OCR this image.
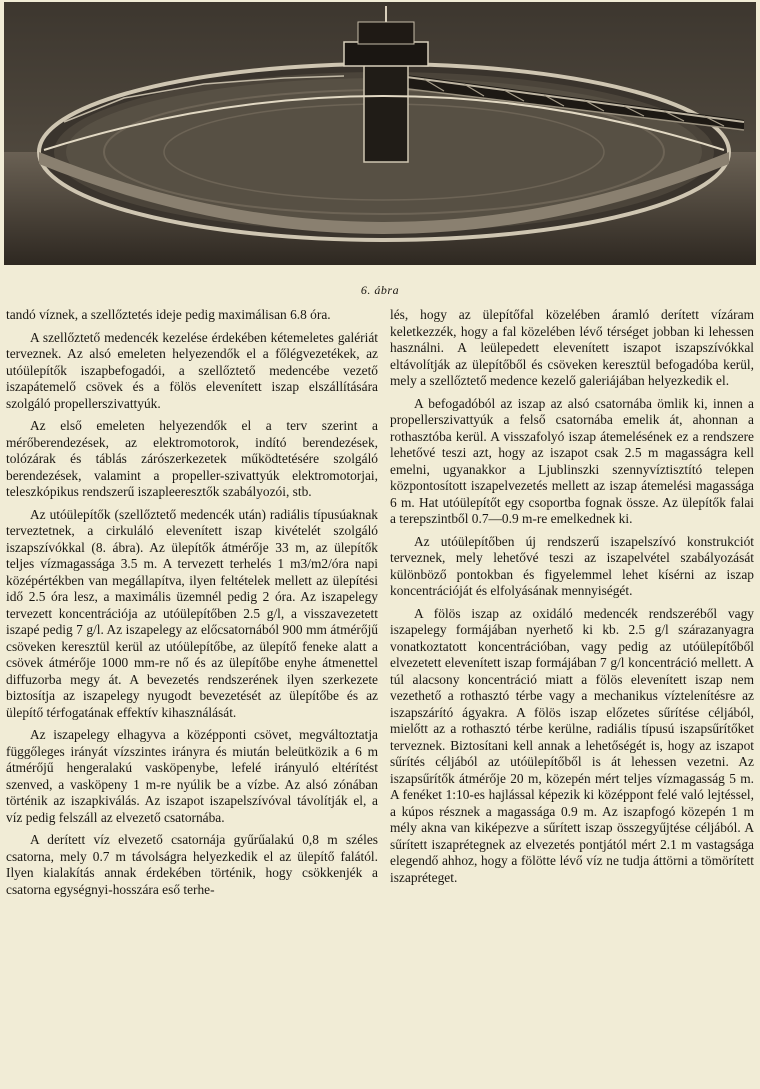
6. ábra

tandó víznek, a szellőztetés ideje pedig maximálisan 6.8 óra.

A szellőztető medencék kezelése érdekében kétemeletes galériát terveznek. Az alsó emeleten helyezendők el a főlégvezetékek, az utóülepítők iszapbefogadói, a szellőztető medencébe vezető iszapátemelő csövek és a fölös elevenített iszap elszállítására szolgáló propellerszivattyúk.

Az első emeleten helyezendők el a terv szerint a mérőberendezések, az elektromotorok, indító berendezések, tolózárak és táblás zárószerkezetek működtetésére szolgáló berendezések, valamint a propeller-szivattyúk elektromotorjai, teleszkópikus rendszerű iszapleeresztők szabályozói, stb.

Az utóülepítők (szellőztető medencék után) radiális típusúaknak terveztetnek, a cirkuláló elevenített iszap kivételét szolgáló iszapszívókkal (8. ábra). Az ülepítők átmérője 33 m, az ülepítők teljes vízmagassága 3.5 m. A tervezett terhelés 1 m3/m2/óra napi középértékben van megállapítva, ilyen feltételek mellett az ülepítési idő 2.5 óra lesz, a maximális üzemnél pedig 2 óra. Az iszapelegy tervezett koncentrációja az utóülepítőben 2.5 g/l, a visszavezetett iszapé pedig 7 g/l. Az iszapelegy az előcsatornából 900 mm átmérőjű csöveken keresztül kerül az utóülepítőbe, az ülepítő feneke alatt a csövek átmérője 1000 mm-re nő és az ülepítőbe enyhe átmenettel diffuzorba megy át. A bevezetés rendszerének ilyen szerkezete biztosítja az iszapelegy nyugodt bevezetését az ülepítőbe és az ülepítő térfogatának effektív kihasználását.

Az iszapelegy elhagyva a középponti csövet, megváltoztatja függőleges irányát vízszintes irányra és miután beleütközik a 6 m átmérőjű hengeralakú vasköpenybe, lefelé irányuló eltérítést szenved, a vasköpeny 1 m-re nyúlik be a vízbe. Az alsó zónában történik az iszapkiválás. Az iszapot iszapelszívóval távolítják el, a víz pedig felszáll az elvezető csatornába.

A derített víz elvezető csatornája gyűrűalakú 0,8 m széles csatorna, mely 0.7 m távolságra helyezkedik el az ülepítő falától. Ilyen kialakítás annak érdekében történik, hogy csökkenjék a csatorna egységnyi-hosszára eső terhe-

lés, hogy az ülepítőfal közelében áramló derített vízáram keletkezzék, hogy a fal közelében lévő térséget jobban ki lehessen használni. A leülepedett elevenített iszapot iszapszívókkal eltávolítják az ülepítőből és csöveken keresztül befogadóba kerül, mely a szellőztető medence kezelő galeriájában helyezkedik el.

A befogadóból az iszap az alsó csatornába ömlik ki, innen a propellerszivattyúk a felső csatornába emelik át, ahonnan a rothasztóba kerül. A visszafolyó iszap átemelésének ez a rendszere lehetővé teszi azt, hogy az iszapot csak 2.5 m magasságra kell emelni, ugyanakkor a Ljublinszki szennyvíztisztító telepen központosított iszapelvezetés mellett az iszap átemelési magassága 6 m. Hat utóülepítőt egy csoportba fognak össze. Az ülepítők falai a terepszintből 0.7—0.9 m-re emelkednek ki.

Az utóülepítőben új rendszerű iszapelszívó konstrukciót terveznek, mely lehetővé teszi az iszapelvétel szabályozását különböző pontokban és figyelemmel lehet kísérni az iszap koncentrációját és elfolyásának mennyiségét.

A fölös iszap az oxidáló medencék rendszeréből vagy iszapelegy formájában nyerhető ki kb. 2.5 g/l szárazanyagra vonatkoztatott koncentrációban, vagy pedig az utóülepítőből elvezetett elevenített iszap formájában 7 g/l koncentráció mellett. A túl alacsony koncentráció miatt a fölös elevenített iszap nem vezethető a rothasztó térbe vagy a mechanikus víztelenítésre az iszapszárító ágyakra. A fölös iszap előzetes sűrítése céljából, mielőtt az a rothasztó térbe kerülne, radiális típusú iszapsűrítőket terveznek. Biztosítani kell annak a lehetőségét is, hogy az iszapot sűrítés céljából az utóülepítőből is át lehessen vezetni. Az iszapsűrítők átmérője 20 m, közepén mért teljes vízmagasság 5 m. A fenéket 1:10-es hajlással képezik ki középpont felé való lejtéssel, a kúpos résznek a magassága 0.9 m. Az iszapfogó közepén 1 m mély akna van kiképezve a sűrített iszap összegyűjtése céljából. A sűrített iszaprétegnek az elvezetés pontjától mért 2.1 m vastagsága elegendő ahhoz, hogy a fölötte lévő víz ne tudja áttörni a tömörített iszapréteget.
